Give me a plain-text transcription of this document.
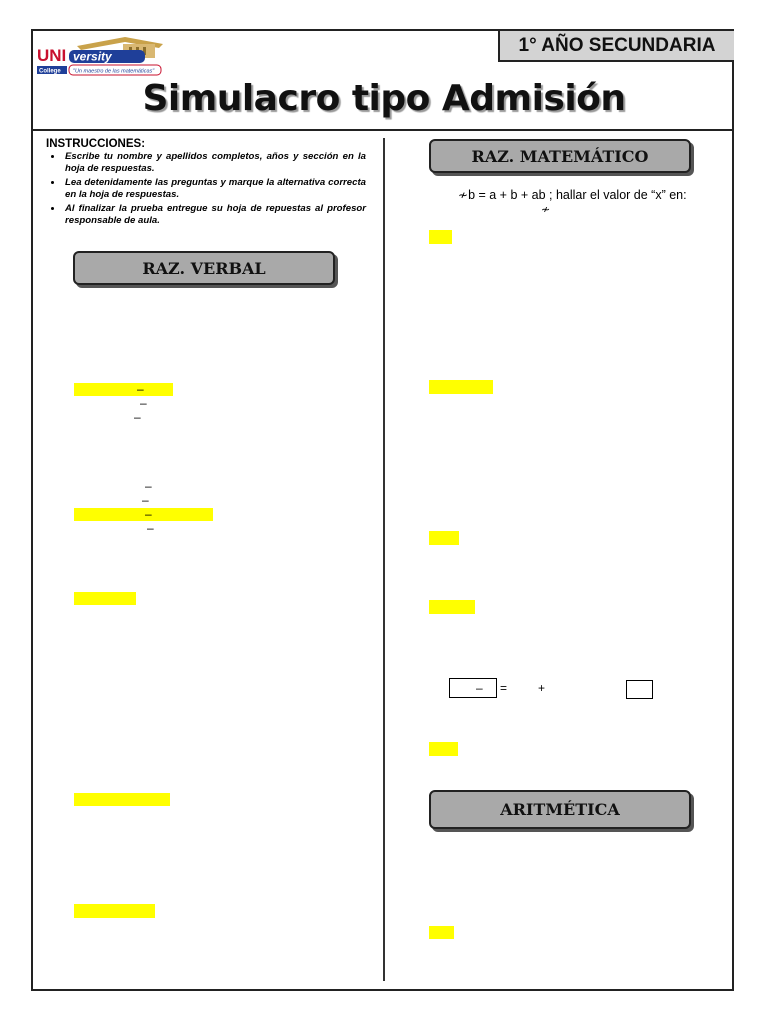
UNI versity
College "Un maestro de las matemáticas"
1° AÑO SECUNDARIA
Simulacro tipo Admisión
INSTRUCCIONES:
• Escribe tu nombre y apellidos completos, años y sección en la hoja de respuestas.
• Lea detenidamente las preguntas y marque la alternativa correcta en la hoja de respuestas.
• Al finalizar la prueba entregue su hoja de repuestas al profesor responsable de aula.
RAZ. VERBAL
RAZ. MATEMÁTICO
ARITMÉTICA
–
–
–
–
–
–
–
≁b = a + b + ab ; hallar el valor de “x” en:
≁
– =	+
